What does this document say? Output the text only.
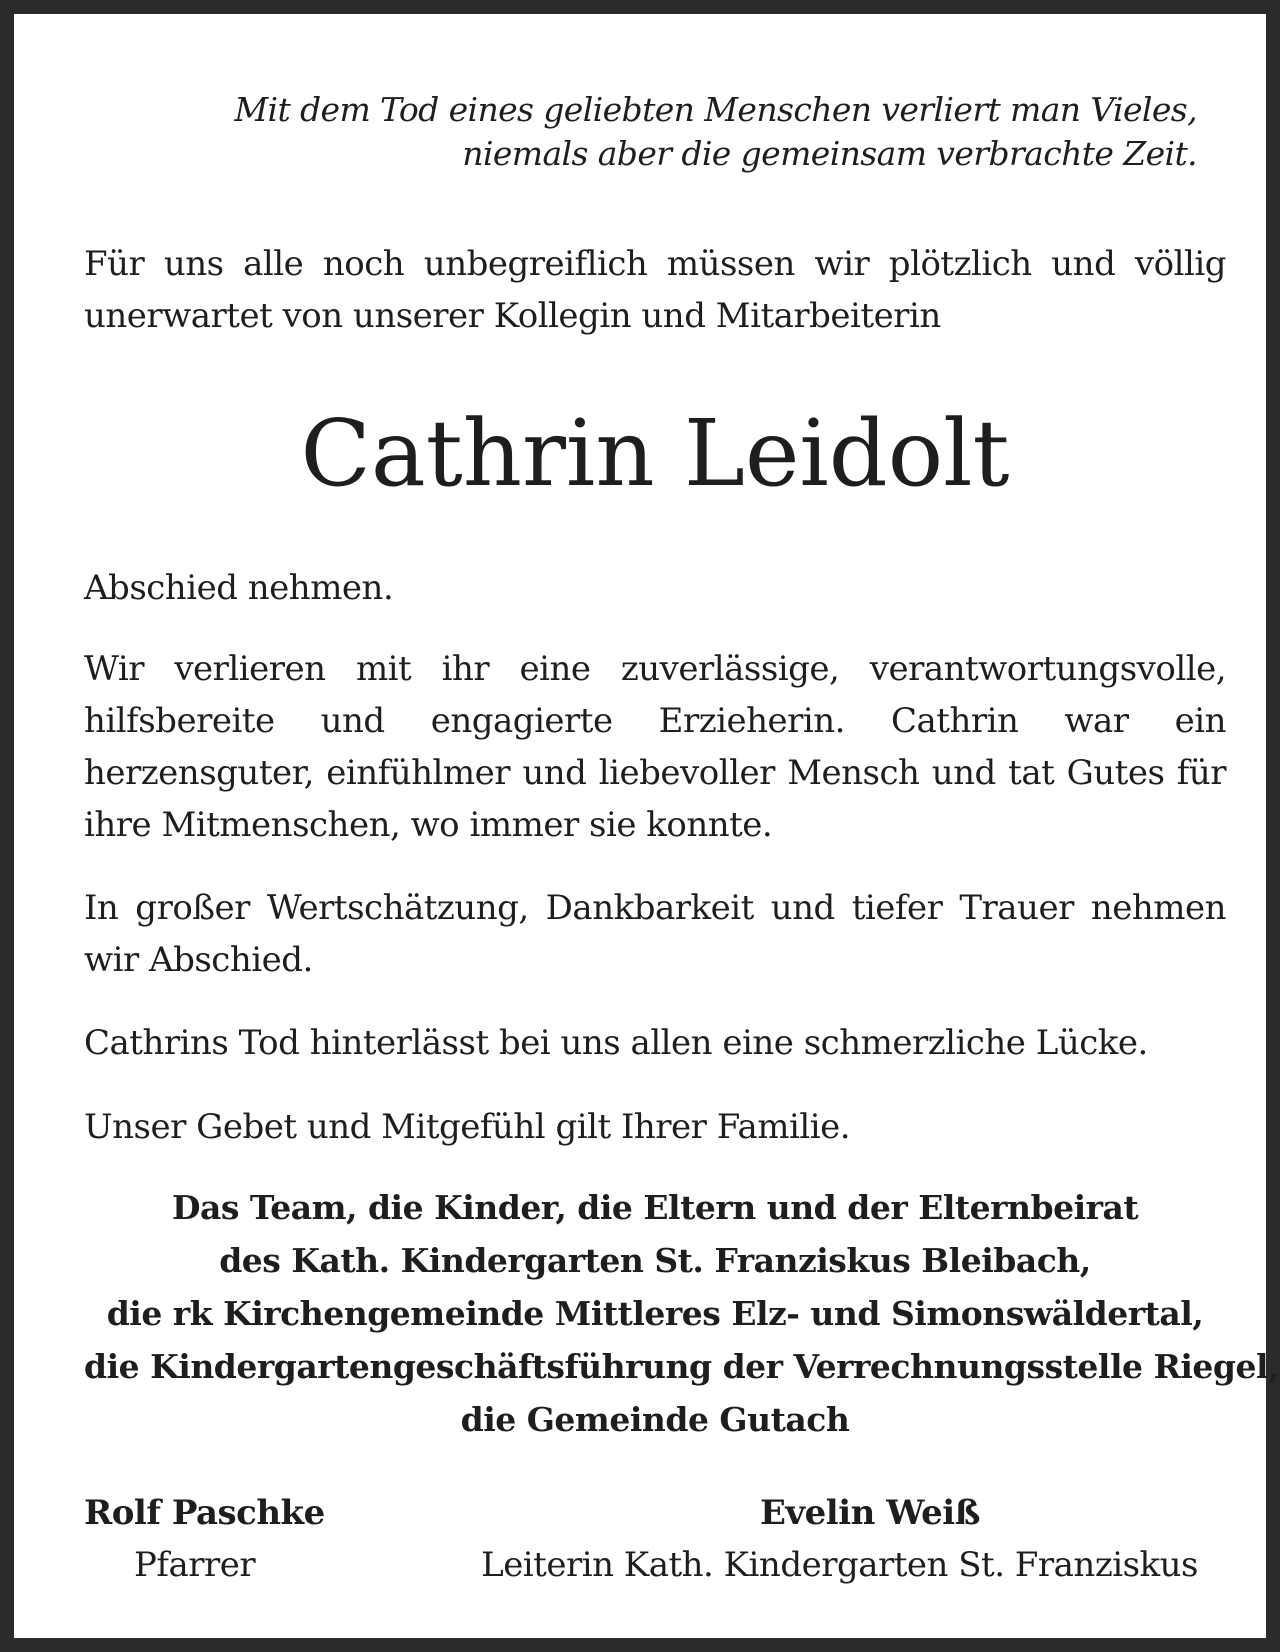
Mit dem Tod eines geliebten Menschen verliert man Vieles,
niemals aber die gemeinsam verbrachte Zeit.
Für uns alle noch unbegreiflich müssen wir plötzlich und völlig unerwartet von unserer Kollegin und Mitarbeiterin
Cathrin Leidolt
Abschied nehmen.
Wir verlieren mit ihr eine zuverlässige, verantwortungsvolle, hilfsbereite und engagierte Erzieherin. Cathrin war ein herzensguter, einfühlmer und liebevoller Mensch und tat Gutes für ihre Mitmenschen, wo immer sie konnte.
In großer Wertschätzung, Dankbarkeit und tiefer Trauer nehmen wir Abschied.
Cathrins Tod hinterlässt bei uns allen eine schmerzliche Lücke.
Unser Gebet und Mitgefühl gilt Ihrer Familie.
Das Team, die Kinder, die Eltern und der Elternbeirat
des Kath. Kindergarten St. Franziskus Bleibach,
die rk Kirchengemeinde Mittleres Elz- und Simonswäldertal,
die Kindergartengeschäftsführung der Verrechnungsstelle Riegel,
die Gemeinde Gutach
Rolf Paschke
Pfarrer
Evelin Weiß
Leiterin Kath. Kindergarten St. Franziskus
